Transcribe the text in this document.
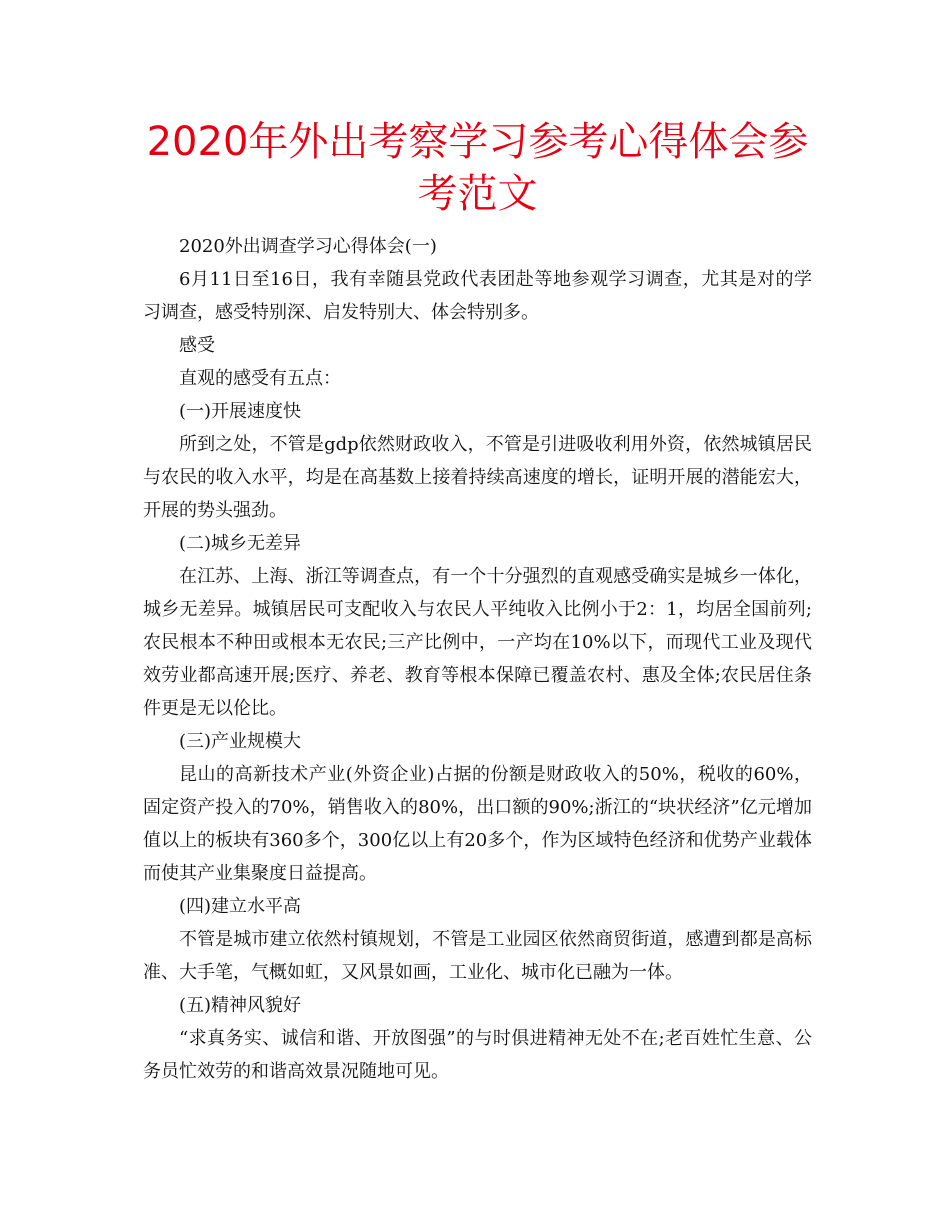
2020年外出考察学习参考心得体会参考范文

2020外出调查学习心得体会(一)

6月11日至16日，我有幸随县党政代表团赴等地参观学习调查，尤其是对的学习调查，感受特别深、启发特别大、体会特别多。

感受

直观的感受有五点：

(一)开展速度快

所到之处，不管是gdp依然财政收入，不管是引进吸收利用外资，依然城镇居民与农民的收入水平，均是在高基数上接着持续高速度的增长，证明开展的潜能宏大，开展的势头强劲。

(二)城乡无差异

在江苏、上海、浙江等调查点，有一个十分强烈的直观感受确实是城乡一体化，城乡无差异。城镇居民可支配收入与农民人平纯收入比例小于2：1，均居全国前列;农民根本不种田或根本无农民;三产比例中，一产均在10%以下，而现代工业及现代效劳业都高速开展;医疗、养老、教育等根本保障已覆盖农村、惠及全体;农民居住条件更是无以伦比。

(三)产业规模大

昆山的高新技术产业(外资企业)占据的份额是财政收入的50%，税收的60%，固定资产投入的70%，销售收入的80%，出口额的90%;浙江的“块状经济”亿元增加值以上的板块有360多个，300亿以上有20多个，作为区域特色经济和优势产业载体而使其产业集聚度日益提高。

(四)建立水平高

不管是城市建立依然村镇规划，不管是工业园区依然商贸街道，感遭到都是高标准、大手笔，气概如虹，又风景如画，工业化、城市化已融为一体。

(五)精神风貌好

“求真务实、诚信和谐、开放图强”的与时俱进精神无处不在;老百姓忙生意、公务员忙效劳的和谐高效景况随地可见。
